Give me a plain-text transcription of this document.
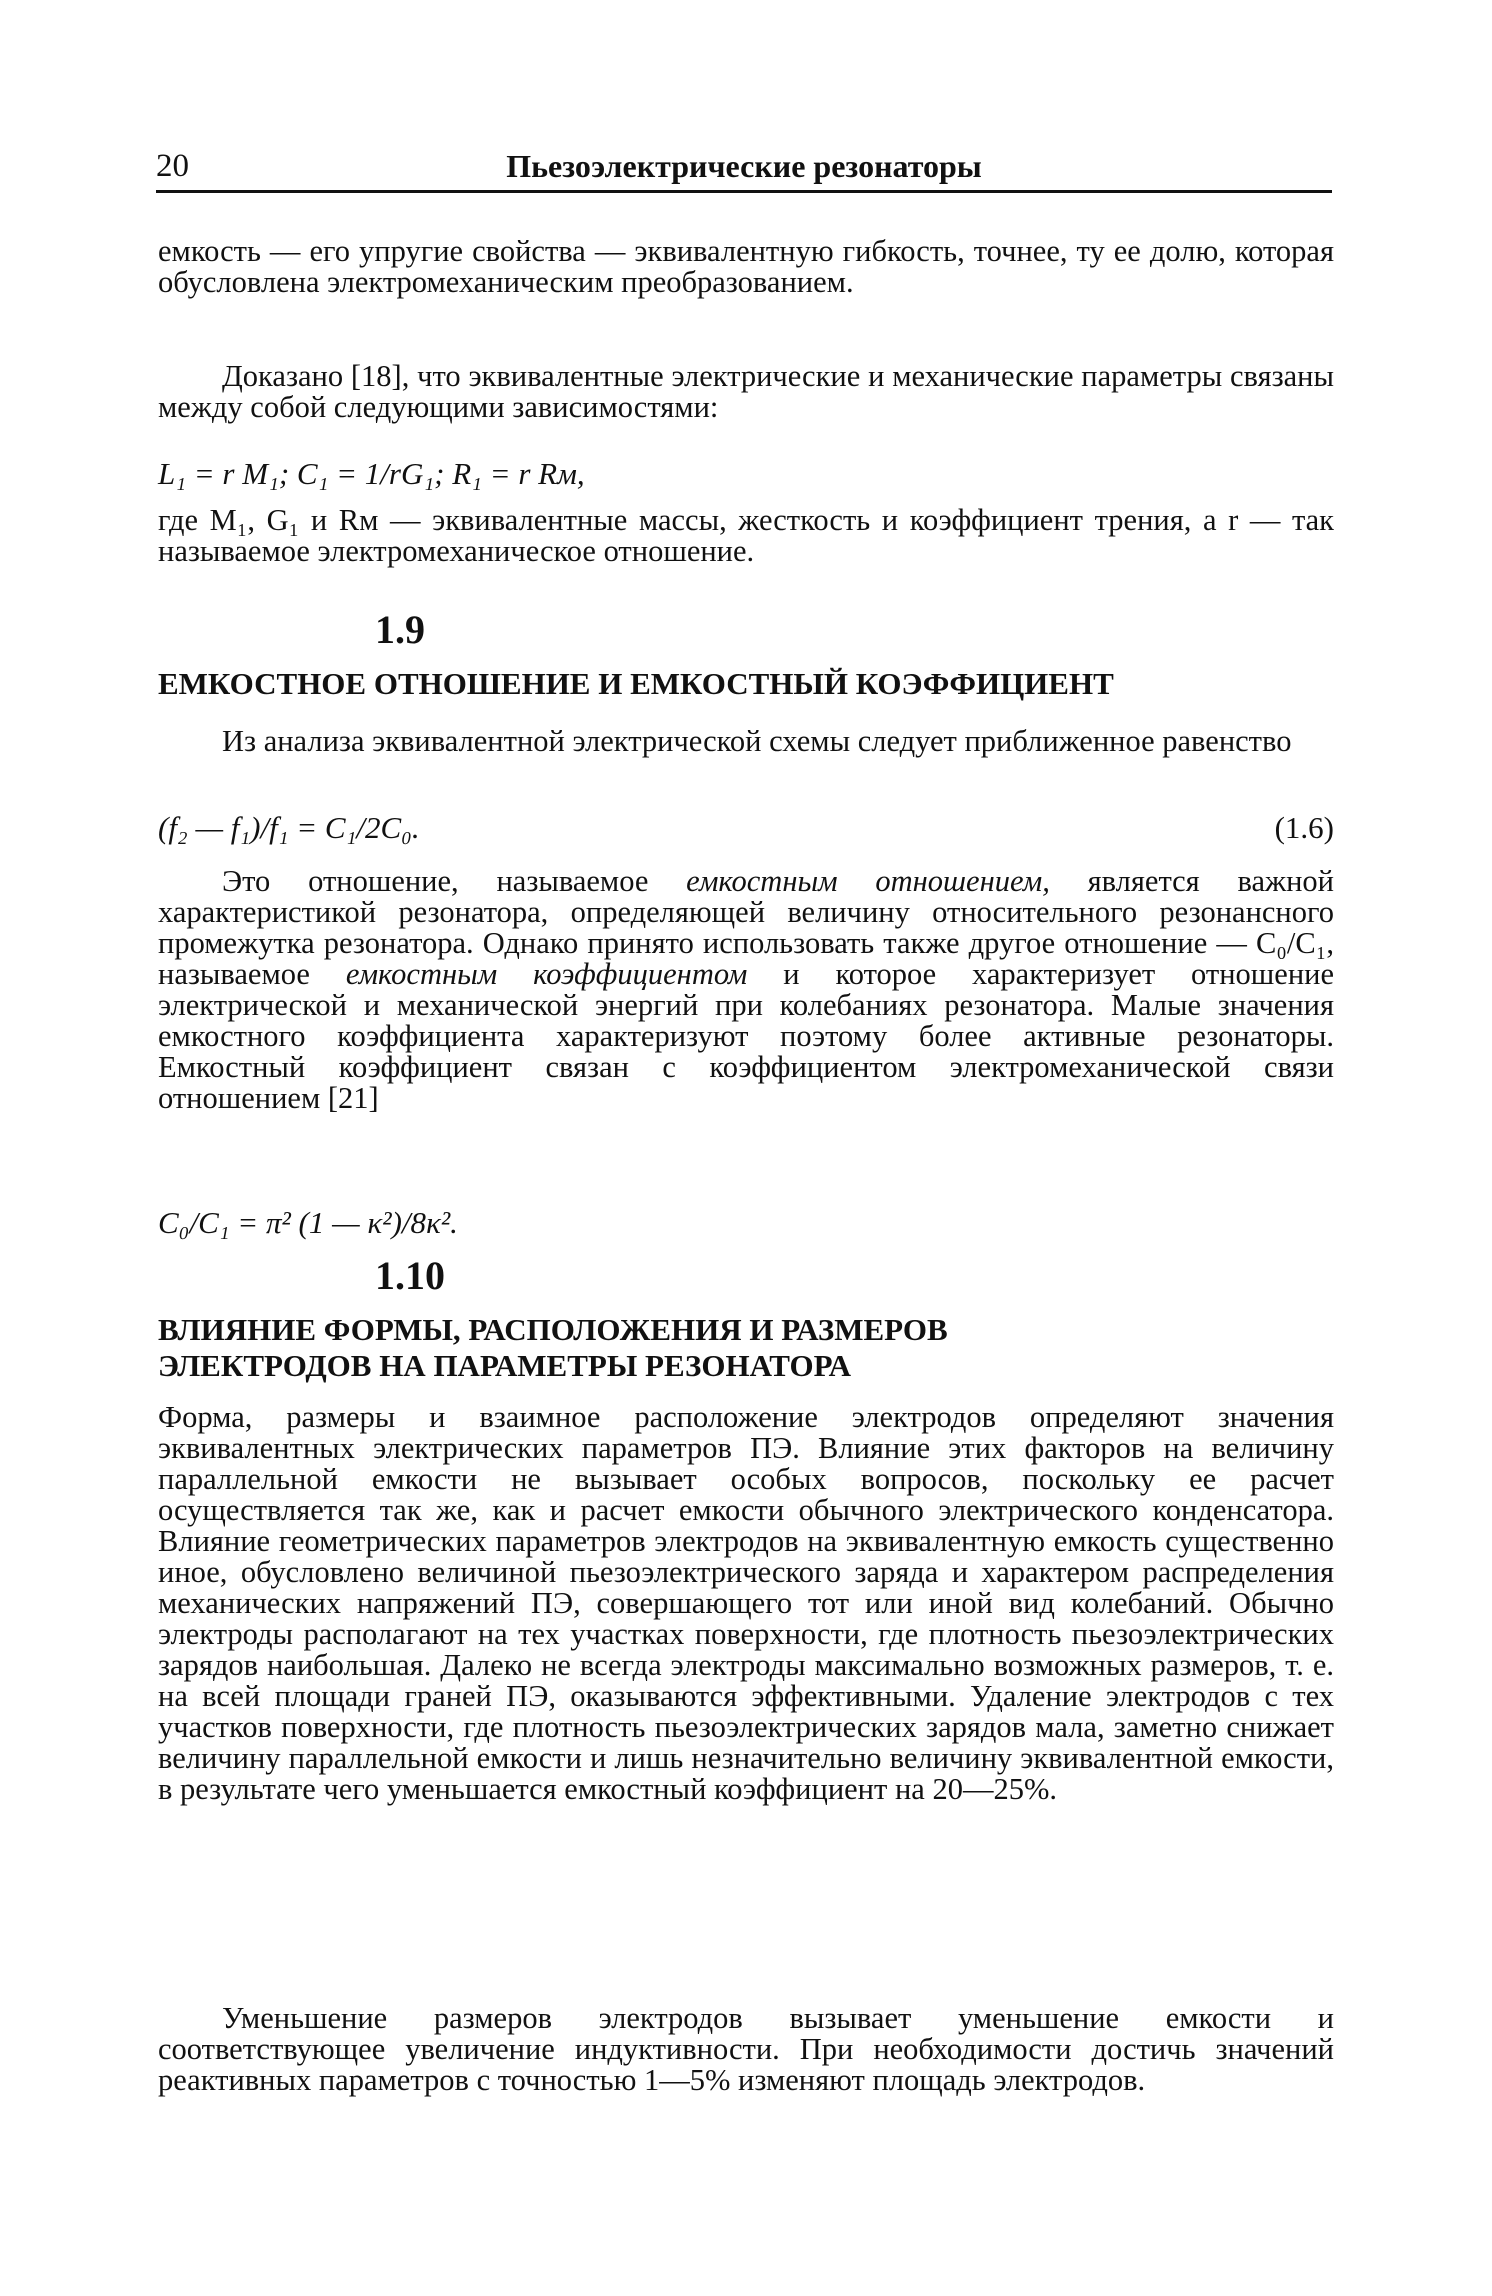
20	Пьезоэлектрические резонаторы

емкость — его упругие свойства — эквивалентную гибкость, точнее, ту ее долю, которая обусловлена электромеханическим преобразованием.

Доказано [18], что эквивалентные электрические и механические параметры связаны между собой следующими зависимостями:

L₁ = r M₁; C₁ = 1/rG₁; R₁ = r Rм,

где M₁, G₁ и Rм — эквивалентные массы, жесткость и коэффициент трения, а r — так называемое электромеханическое отношение.

1.9
ЕМКОСТНОЕ ОТНОШЕНИЕ И ЕМКОСТНЫЙ КОЭФФИЦИЕНТ

Из анализа эквивалентной электрической схемы следует приближенное равенство

(f₂ — f₁)/f₁ = C₁/2C₀.	(1.6)

Это отношение, называемое емкостным отношением, является важной характеристикой резонатора, определяющей величину относительного резонансного промежутка резонатора. Однако принято использовать также другое отношение — C₀/C₁, называемое емкостным коэффициентом и которое характеризует отношение электрической и механической энергий при колебаниях резонатора. Малые значения емкостного коэффициента характеризуют поэтому более активные резонаторы. Емкостный коэффициент связан с коэффициентом электромеханической связи отношением [21]

C₀/C₁ = π² (1 — κ²)/8κ².
1.10
ВЛИЯНИЕ ФОРМЫ, РАСПОЛОЖЕНИЯ И РАЗМЕРОВ
ЭЛЕКТРОДОВ НА ПАРАМЕТРЫ РЕЗОНАТОРА

Форма, размеры и взаимное расположение электродов определяют значения эквивалентных электрических параметров ПЭ. Влияние этих факторов на величину параллельной емкости не вызывает особых вопросов, поскольку ее расчет осуществляется так же, как и расчет емкости обычного электрического конденсатора. Влияние геометрических параметров электродов на эквивалентную емкость существенно иное, обусловлено величиной пьезоэлектрического заряда и характером распределения механических напряжений ПЭ, совершающего тот или иной вид колебаний. Обычно электроды располагают на тех участках поверхности, где плотность пьезоэлектрических зарядов наибольшая. Далеко не всегда электроды максимально возможных размеров, т. е. на всей площади граней ПЭ, оказываются эффективными. Удаление электродов с тех участков поверхности, где плотность пьезоэлектрических зарядов мала, заметно снижает величину параллельной емкости и лишь незначительно величину эквивалентной емкости, в результате чего уменьшается емкостный коэффициент на 20—25%.

Уменьшение размеров электродов вызывает уменьшение емкости и соответствующее увеличение индуктивности. При необходимости достичь значений реактивных параметров с точностью 1—5% изменяют площадь электродов.
